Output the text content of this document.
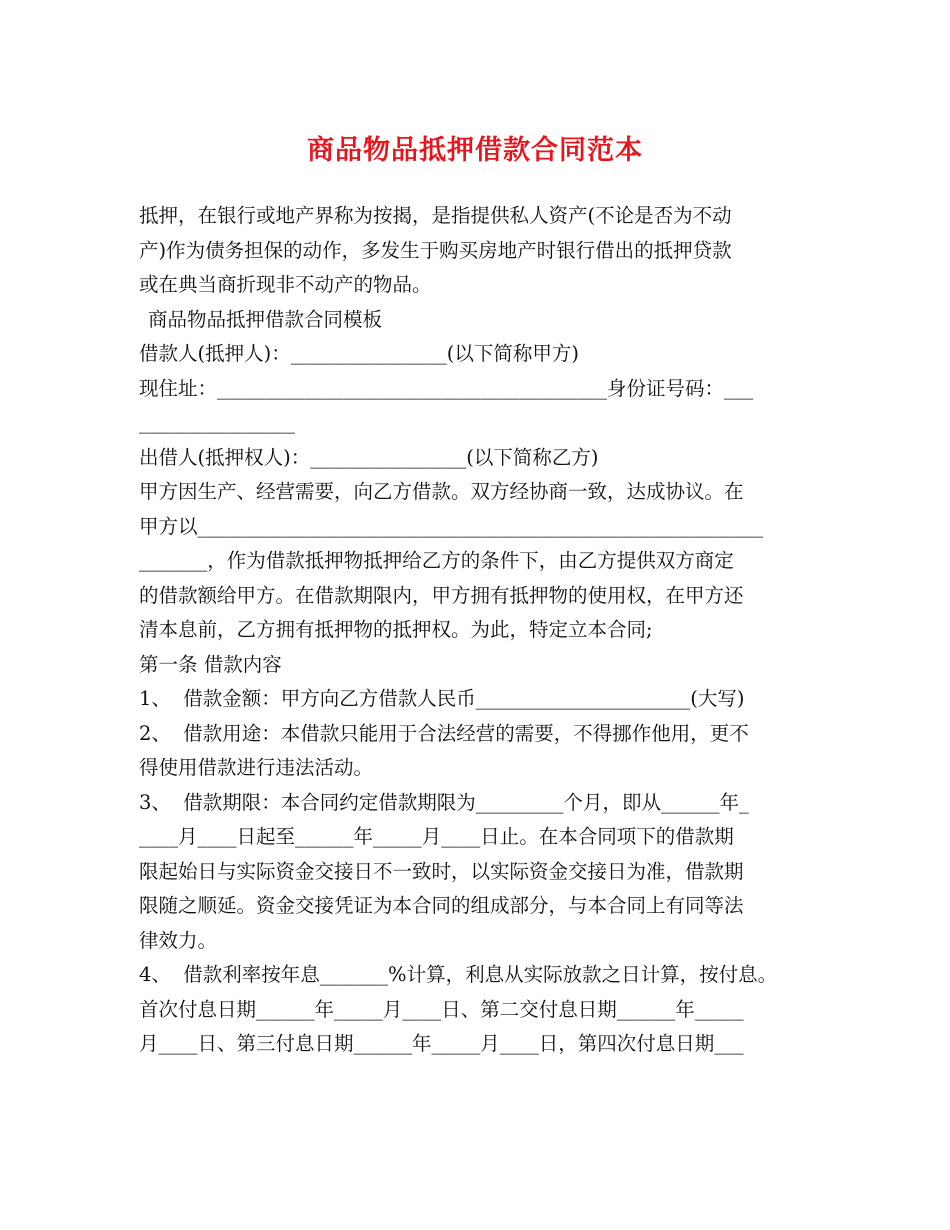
商品物品抵押借款合同范本
抵押，在银行或地产界称为按揭，是指提供私人资产(不论是否为不动
产)作为债务担保的动作，多发生于购买房地产时银行借出的抵押贷款
或在典当商折现非不动产的物品。
商品物品抵押借款合同模板
借款人(抵押人)：________________(以下简称甲方)
现住址：________________________________________身份证号码：___
________________
出借人(抵押权人)：________________(以下简称乙方)
甲方因生产、经营需要，向乙方借款。双方经协商一致，达成协议。在
甲方以__________________________________________________________
_______，作为借款抵押物抵押给乙方的条件下，由乙方提供双方商定
的借款额给甲方。在借款期限内，甲方拥有抵押物的使用权，在甲方还
清本息前，乙方拥有抵押物的抵押权。为此，特定立本合同;
第一条 借款内容
1、  借款金额：甲方向乙方借款人民币______________________(大写)
2、  借款用途：本借款只能用于合法经营的需要，不得挪作他用，更不
得使用借款进行违法活动。
3、  借款期限：本合同约定借款期限为_________个月，即从______年_
____月____日起至______年_____月____日止。在本合同项下的借款期
限起始日与实际资金交接日不一致时，以实际资金交接日为准，借款期
限随之顺延。资金交接凭证为本合同的组成部分，与本合同上有同等法
律效力。
4、  借款利率按年息_______%计算，利息从实际放款之日计算，按付息。
首次付息日期______年_____月____日、第二交付息日期______年_____
月____日、第三付息日期______年_____月____日，第四次付息日期___
